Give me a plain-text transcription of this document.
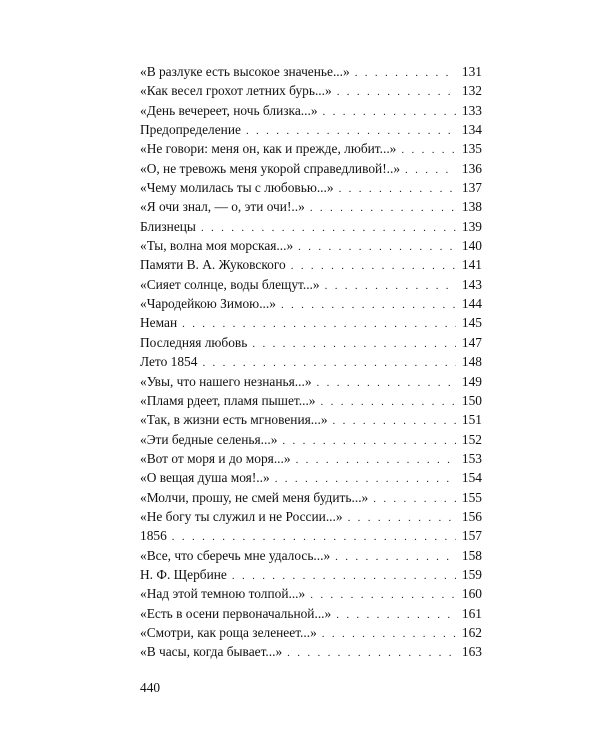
«В разлуке есть высокое значенье...» . . .	131
«Как весел грохот летних бурь...» . . .	132
«День вечереет, ночь близка...» . . .	133
Предопределение . . .	134
«Не говори: меня он, как и прежде, любит...» . . .	135
«О, не тревожь меня укорой справедливой!..» . . .	136
«Чему молилась ты с любовью...» . . .	137
«Я очи знал, — о, эти очи!..» . . .	138
Близнецы . . .	139
«Ты, волна моя морская...» . . .	140
Памяти В. А. Жуковского . . .	141
«Сияет солнце, воды блещут...» . . .	143
«Чародейкою Зимою...» . . .	144
Неман . . .	145
Последняя любовь . . .	147
Лето 1854 . . .	148
«Увы, что нашего незнанья...» . . .	149
«Пламя рдеет, пламя пышет...» . . .	150
«Так, в жизни есть мгновения...» . . .	151
«Эти бедные селенья...» . . .	152
«Вот от моря и до моря...» . . .	153
«О вещая душа моя!..» . . .	154
«Молчи, прошу, не смей меня будить...» . . .	155
«Не богу ты служил и не России...» . . .	156
1856 . . .	157
«Все, что сберечь мне удалось...» . . .	158
Н. Ф. Щербине . . .	159
«Над этой темною толпой...» . . .	160
«Есть в осени первоначальной...» . . .	161
«Смотри, как роща зеленеет...» . . .	162
«В часы, когда бывает...» . . .	163
440
